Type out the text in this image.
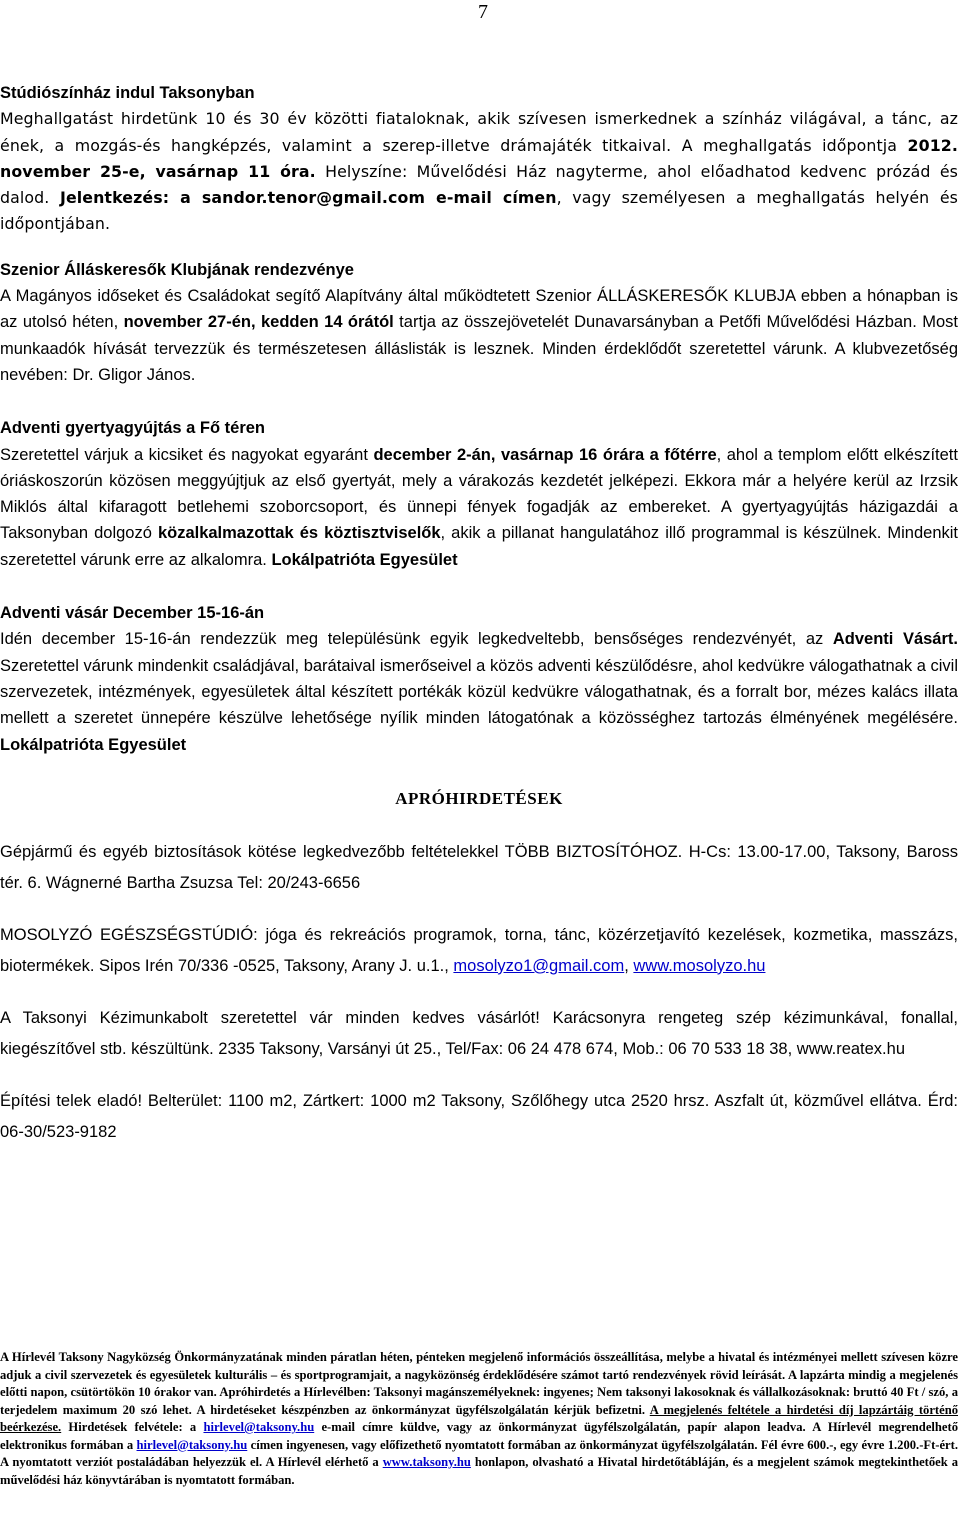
7

Stúdiószínház indul Taksonyban
Meghallgatást hirdetünk 10 és 30 év közötti fiataloknak, akik szívesen ismerkednek a színház világával, a tánc, az ének, a mozgás-és hangképzés, valamint a szerep-illetve drámajáték titkaival. A meghallgatás időpontja 2012. november 25-e, vasárnap 11 óra. Helyszíne: Művelődési Ház nagyterme, ahol előadhatod kedvenc prózád és dalod. Jelentkezés: a sandor.tenor@gmail.com e-mail címen, vagy személyesen a meghallgatás helyén és időpontjában.

Szenior Álláskeresők Klubjának rendezvénye
A Magányos időseket és Családokat segítő Alapítvány által működtetett Szenior ÁLLÁSKERESŐK KLUBJA ebben a hónapban is az utolsó héten, november 27-én, kedden 14 órától tartja az összejövetelét Dunavarsányban a Petőfi Művelődési Házban. Most munkaadók hívását tervezzük és természetesen álláslisták is lesznek. Minden érdeklődőt szeretettel várunk. A klubvezetőség nevében: Dr. Gligor János.

Adventi gyertyagyújtás a Fő téren
Szeretettel várjuk a kicsiket és nagyokat egyaránt december 2-án, vasárnap 16 órára a főtérre, ahol a templom előtt elkészített óriáskoszorún közösen meggyújtjuk az első gyertyát, mely a várakozás kezdetét jelképezi. Ekkora már a helyére kerül az Irzsik Miklós által kifaragott betlehemi szoborcsoport, és ünnepi fények fogadják az embereket. A gyertyagyújtás házigazdái a Taksonyban dolgozó közalkalmazottak és köztisztviselők, akik a pillanat hangulatához illő programmal is készülnek. Mindenkit szeretettel várunk erre az alkalomra. Lokálpatrióta Egyesület

Adventi vásár December 15-16-án
Idén december 15-16-án rendezzük meg településünk egyik legkedveltebb, bensőséges rendezvényét, az Adventi Vásárt. Szeretettel várunk mindenkit családjával, barátaival ismerőseivel a közös adventi készülődésre, ahol kedvükre válogathatnak a civil szervezetek, intézmények, egyesületek által készített portékák közül kedvükre válogathatnak, és a forralt bor, mézes kalács illata mellett a szeretet ünnepére készülve lehetősége nyílik minden látogatónak a közösséghez tartozás élményének megélésére. Lokálpatrióta Egyesület

APRÓHIRDETÉSEK

Gépjármű és egyéb biztosítások kötése legkedvezőbb feltételekkel TÖBB BIZTOSÍTÓHOZ. H-Cs: 13.00-17.00, Taksony, Baross tér. 6. Wágnerné Bartha Zsuzsa Tel: 20/243-6656

MOSOLYZÓ EGÉSZSÉGSTÚDIÓ: jóga és rekreációs programok, torna, tánc, közérzetjavító kezelések, kozmetika, masszázs, biotermékek. Sipos Irén 70/336 -0525, Taksony, Arany J. u.1., mosolyzo1@gmail.com, www.mosolyzo.hu

A Taksonyi Kézimunkabolt szeretettel vár minden kedves vásárlót! Karácsonyra rengeteg szép kézimunkával, fonallal, kiegészítővel stb. készültünk. 2335 Taksony, Varsányi út 25., Tel/Fax: 06 24 478 674, Mob.: 06 70 533 18 38, www.reatex.hu

Építési telek eladó! Belterület: 1100 m2, Zártkert: 1000 m2 Taksony, Szőlőhegy utca 2520 hrsz. Aszfalt út, közművel ellátva. Érd: 06-30/523-9182

A Hírlevél Taksony Nagyközség Önkormányzatának minden páratlan héten, pénteken megjelenő információs összeállítása, melybe a hivatal és intézményei mellett szívesen közre adjuk a civil szervezetek és egyesületek kulturális – és sportprogramjait, a nagyközönség érdeklődésére számot tartó rendezvények rövid leírását. A lapzárta mindig a megjelenés előtti napon, csütörtökön 10 órakor van. Apróhirdetés a Hírlevélben: Taksonyi magánszemélyeknek: ingyenes; Nem taksonyi lakosoknak és vállalkozásoknak: bruttó 40 Ft / szó, a terjedelem maximum 20 szó lehet. A hirdetéseket készpénzben az önkormányzat ügyfélszolgálatán kérjük befizetni. A megjelenés feltétele a hirdetési díj lapzártáig történő beérkezése. Hirdetések felvétele: a hirlevel@taksony.hu e-mail címre küldve, vagy az önkormányzat ügyfélszolgálatán, papír alapon leadva. A Hírlevél megrendelhető elektronikus formában a hirlevel@taksony.hu címen ingyenesen, vagy előfizethető nyomtatott formában az önkormányzat ügyfélszolgálatán. Fél évre 600.-, egy évre 1.200.-Ft-ért. A nyomtatott verziót postaládában helyezzük el. A Hírlevél elérhető a www.taksony.hu honlapon, olvasható a Hivatal hirdetőtábláján, és a megjelent számok megtekinthetőek a művelődési ház könyvtárában is nyomtatott formában.
